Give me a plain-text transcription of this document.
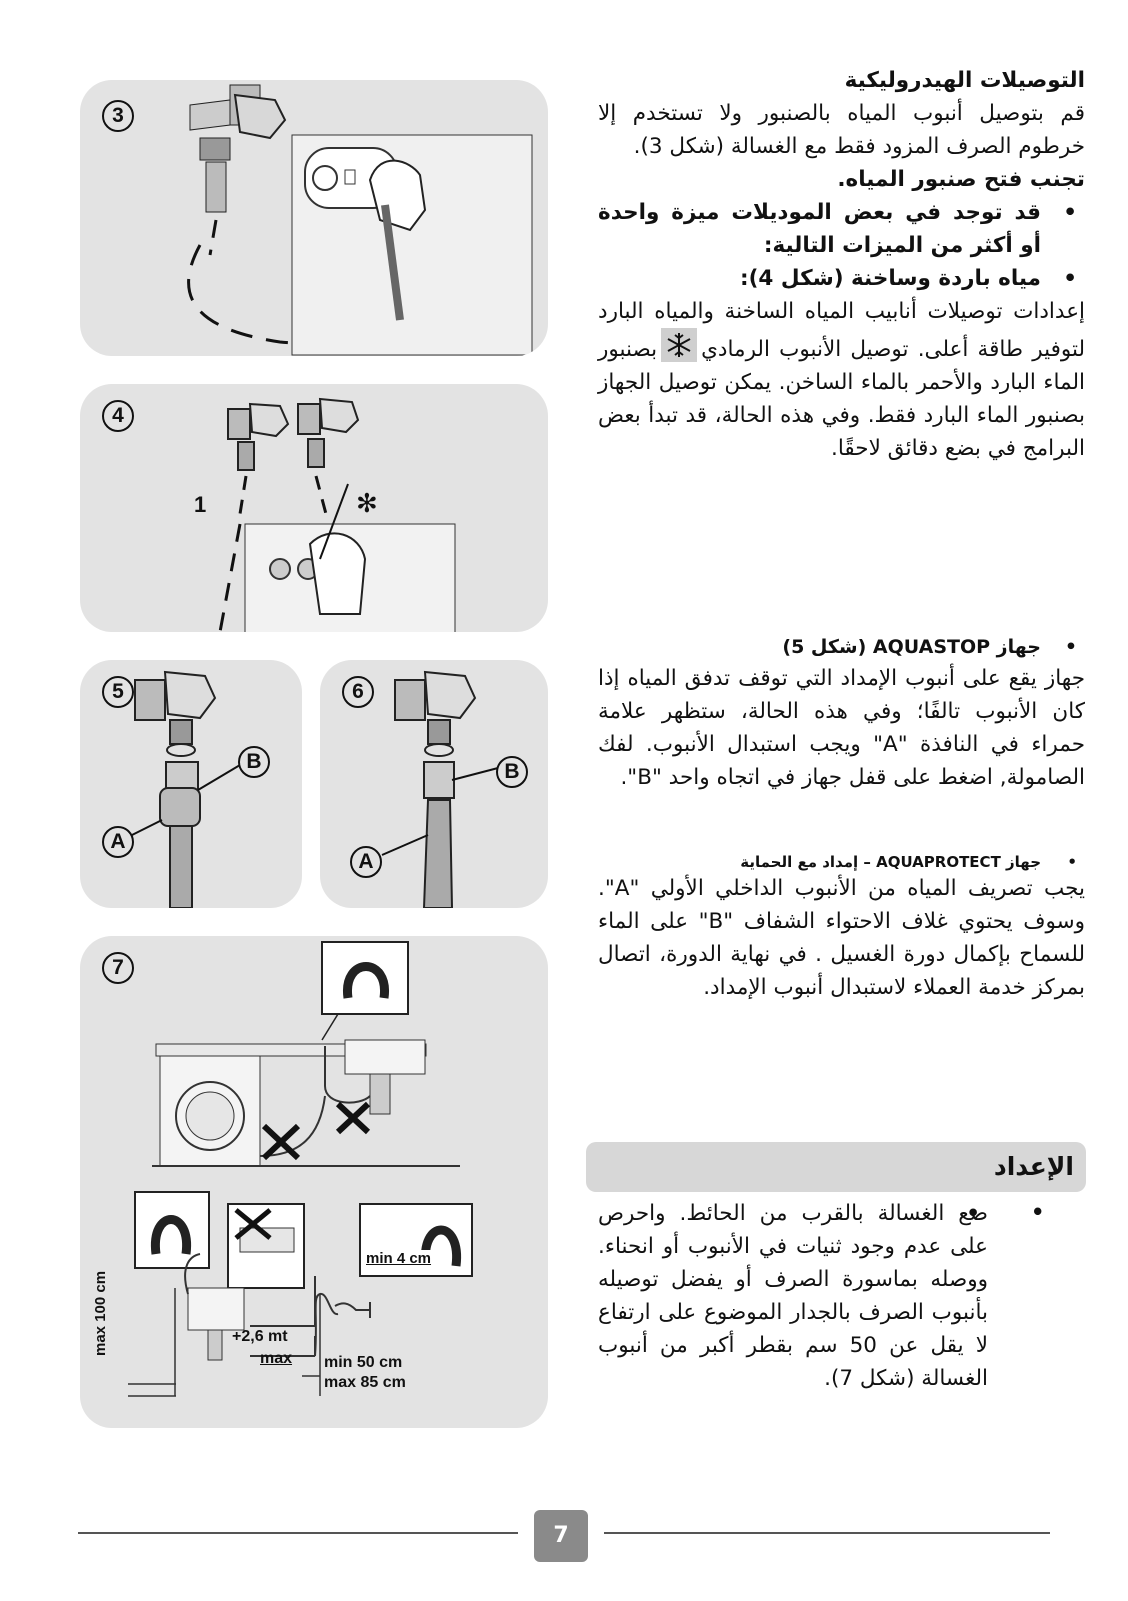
التوصيلات الهيدروليكية

قم بتوصيل أنبوب المياه بالصنبور ولا تستخدم إلا خرطوم الصرف المزود فقط مع الغسالة (شكل 3).

تجنب فتح صنبور المياه.

• قد توجد في بعض الموديلات ميزة واحدة أو أكثر من الميزات التالية:

• مياه باردة وساخنة (شكل 4):

إعدادات توصيلات أنابيب المياه الساخنة والمياه البارد لتوفير طاقة أعلى. توصيل الأنبوب الرماديبصنبور الماء البارد والأحمر بالماء الساخن. يمكن توصيل الجهاز بصنبور الماء البارد فقط. وفي هذه الحالة، قد تبدأ بعض البرامج في بضع دقائق لاحقًا.

• جهاز AQUASTOP (شكل 5)

جهاز يقع على أنبوب الإمداد التي توقف تدفق المياه إذا كان الأنبوب تالفًا؛ وفي هذه الحالة، ستظهر علامة حمراء في النافذة "A" ويجب استبدال الأنبوب. لفك الصامولة, اضغط على قفل جهاز في اتجاه واحد "B".

• جهاز AQUAPROTECT – إمداد مع الحماية

يجب تصريف المياه من الأنبوب الداخلي الأولي "A". وسوف يحتوي غلاف الاحتواء الشفاف "B" على الماء للسماح بإكمال دورة الغسيل . في نهاية الدورة، اتصال بمركز خدمة العملاء لاستبدال أنبوب الإمداد.

الإعداد

• ضع الغسالة بالقرب من الحائط. واحرص على عدم وجود ثنيات في الأنبوب أو انحناء. ووصله بماسورة الصرف أو يفضل توصيله بأنبوب الصرف بالجدار الموضوع على ارتفاع لا يقل عن 50 سم بقطر أكبر من أنبوب الغسالة (شكل 7).

•
3
4
1	✻
5
B
A
6
B
A
7
max 100 cm
min 4 cm
+2,6 mt
max min 50 cm
max 85 cm
7
